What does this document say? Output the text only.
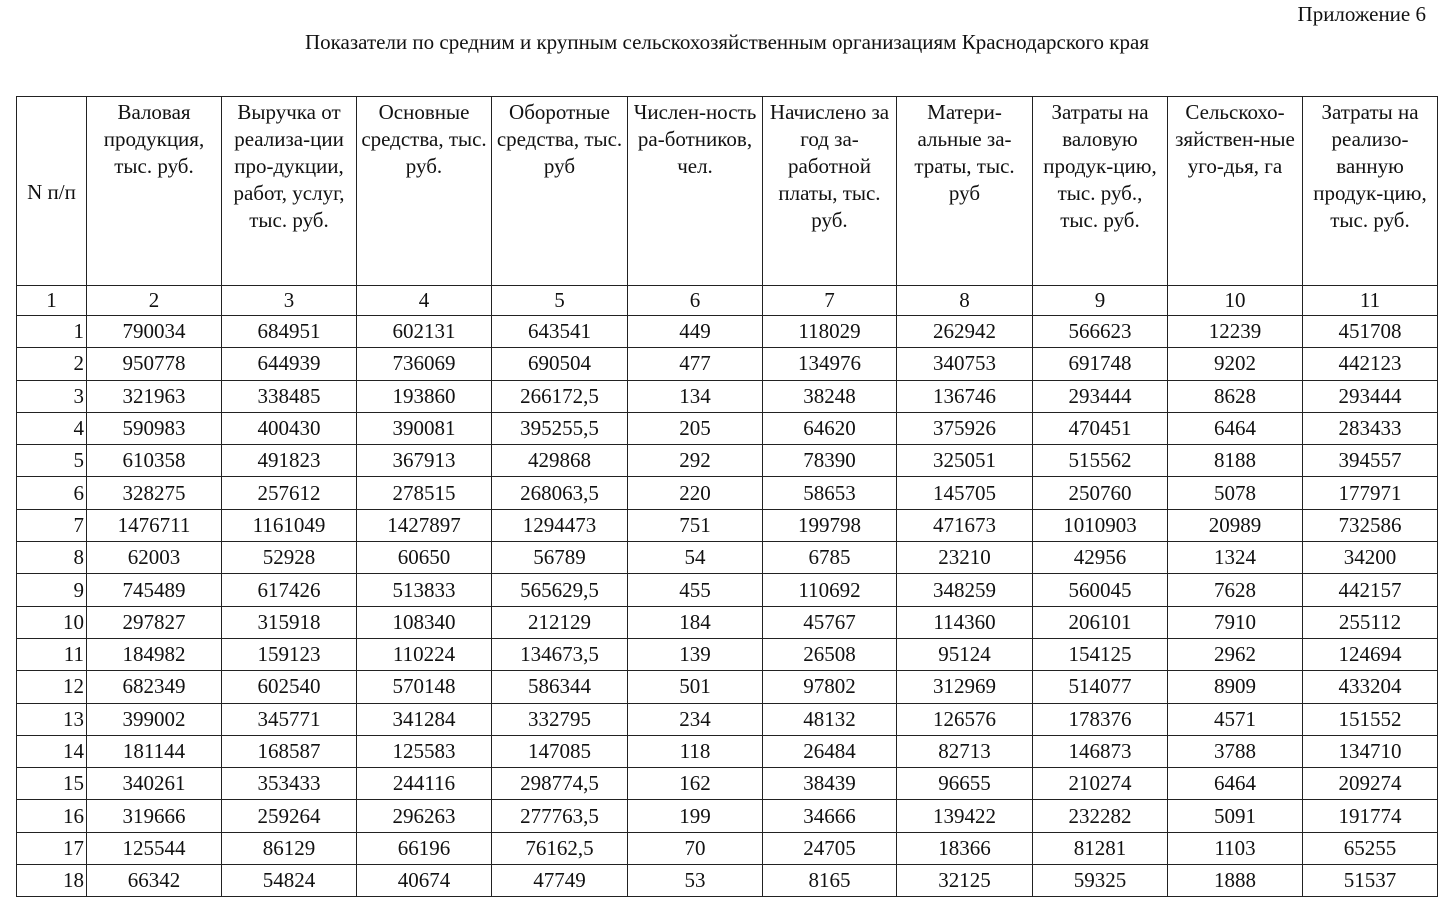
Приложение 6
Показатели по средним и крупным сельскохозяйственным организациям Краснодарского края
N п/п	Валовая продукция, тыс. руб.	Выручка от реализа-ции про-дукции, работ, услуг, тыс. руб.	Основные средства, тыс. руб.	Оборотные средства, тыс. руб	Числен-ность ра-ботников, чел.	Начислено за год за-работной платы, тыс. руб.	Матери-альные за-траты, тыс. руб	Затраты на валовую продук-цию, тыс. руб., тыс. руб.	Сельскохо-зяйствен-ные уго-дья, га	Затраты на реализо-ванную продук-цию, тыс. руб.

1	2	3	4	5	6	7	8	9	10	11
1	790034	684951	602131	643541	449	118029	262942	566623	12239	451708
2	950778	644939	736069	690504	477	134976	340753	691748	9202	442123
3	321963	338485	193860	266172,5	134	38248	136746	293444	8628	293444
4	590983	400430	390081	395255,5	205	64620	375926	470451	6464	283433
5	610358	491823	367913	429868	292	78390	325051	515562	8188	394557
6	328275	257612	278515	268063,5	220	58653	145705	250760	5078	177971
7	1476711	1161049	1427897	1294473	751	199798	471673	1010903	20989	732586
8	62003	52928	60650	56789	54	6785	23210	42956	1324	34200
9	745489	617426	513833	565629,5	455	110692	348259	560045	7628	442157
10	297827	315918	108340	212129	184	45767	114360	206101	7910	255112
11	184982	159123	110224	134673,5	139	26508	95124	154125	2962	124694
12	682349	602540	570148	586344	501	97802	312969	514077	8909	433204
13	399002	345771	341284	332795	234	48132	126576	178376	4571	151552
14	181144	168587	125583	147085	118	26484	82713	146873	3788	134710
15	340261	353433	244116	298774,5	162	38439	96655	210274	6464	209274
16	319666	259264	296263	277763,5	199	34666	139422	232282	5091	191774
17	125544	86129	66196	76162,5	70	24705	18366	81281	1103	65255
18	66342	54824	40674	47749	53	8165	32125	59325	1888	51537
